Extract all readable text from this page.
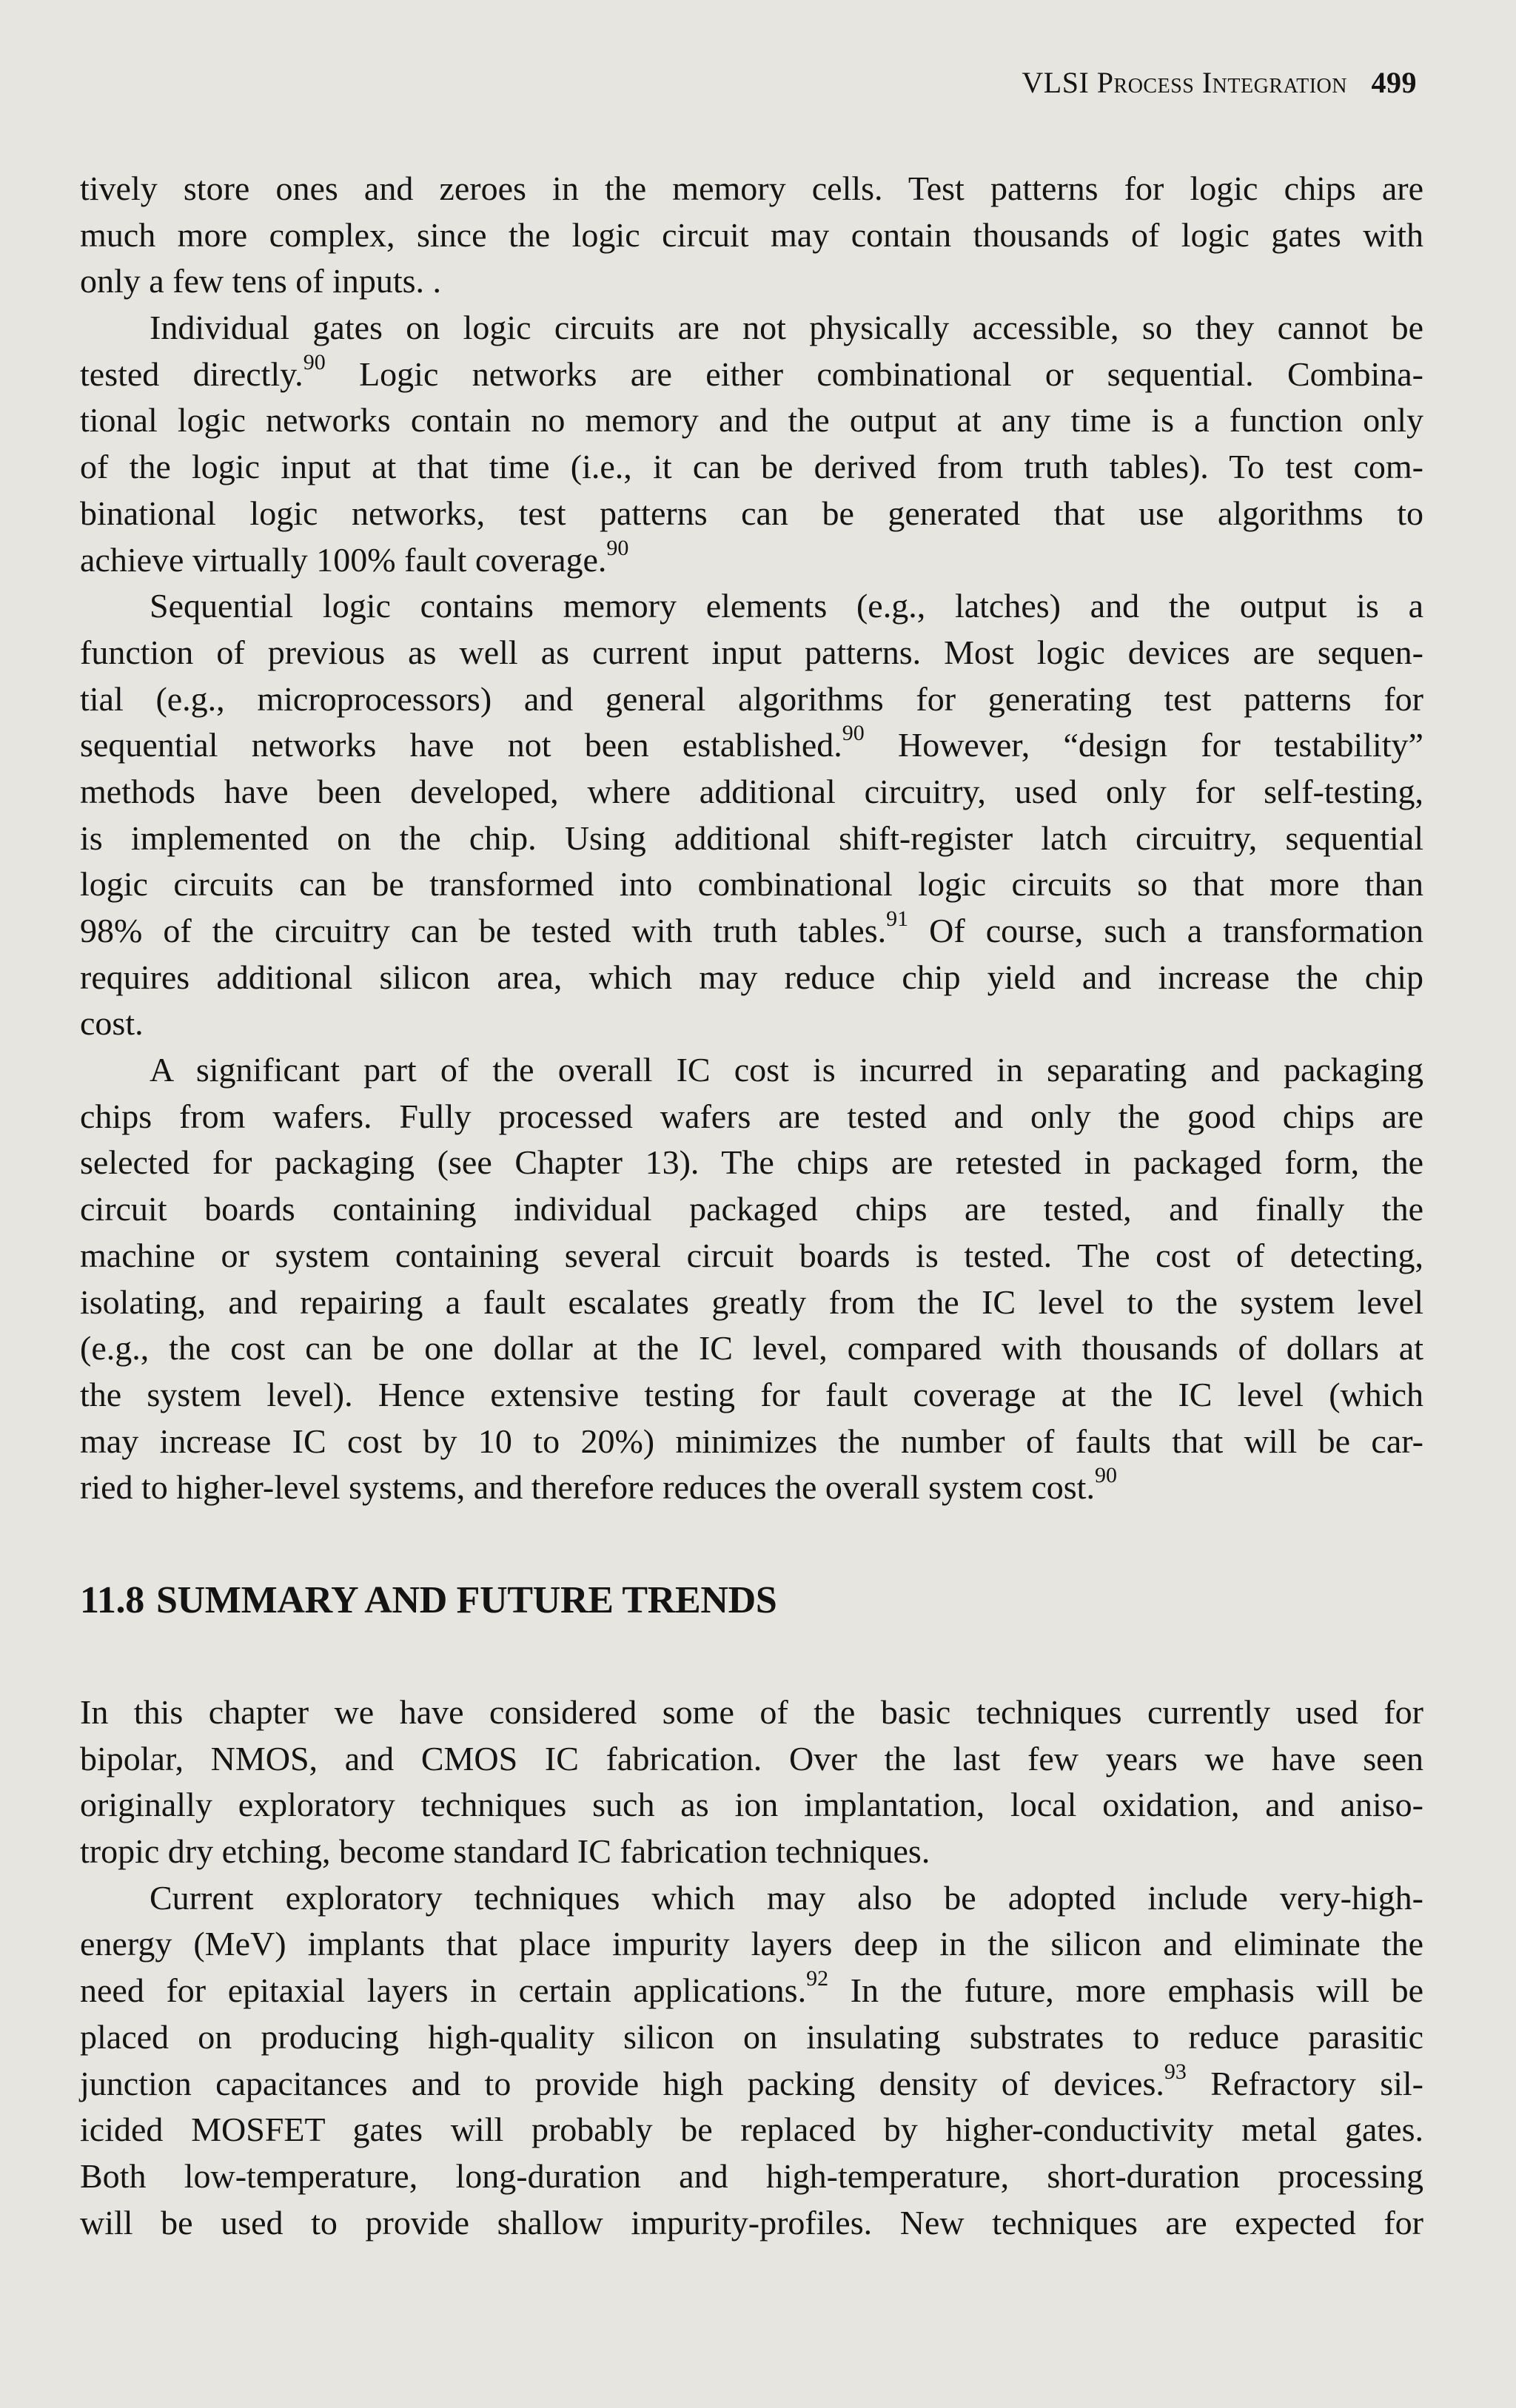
VLSI Process Integration 499
tively store ones and zeroes in the memory cells. Test patterns for logic chips are
much more complex, since the logic circuit may contain thousands of logic gates with
only a few tens of inputs. .
Individual gates on logic circuits are not physically accessible, so they cannot be
tested directly.$^{90}$ Logic networks are either combinational or sequential. Combina-
tional logic networks contain no memory and the output at any time is a function only
of the logic input at that time (i.e., it can be derived from truth tables). To test com-
binational logic networks, test patterns can be generated that use algorithms to
achieve virtually 100% fault coverage.$^{90}$
Sequential logic contains memory elements (e.g., latches) and the output is a
function of previous as well as current input patterns. Most logic devices are sequen-
tial (e.g., microprocessors) and general algorithms for generating test patterns for
sequential networks have not been established.$^{90}$ However, “design for testability”
methods have been developed, where additional circuitry, used only for self-testing,
is implemented on the chip. Using additional shift-register latch circuitry, sequential
logic circuits can be transformed into combinational logic circuits so that more than
98% of the circuitry can be tested with truth tables.$^{91}$ Of course, such a transformation
requires additional silicon area, which may reduce chip yield and increase the chip
cost.
A significant part of the overall IC cost is incurred in separating and packaging
chips from wafers. Fully processed wafers are tested and only the good chips are
selected for packaging (see Chapter 13). The chips are retested in packaged form, the
circuit boards containing individual packaged chips are tested, and finally the
machine or system containing several circuit boards is tested. The cost of detecting,
isolating, and repairing a fault escalates greatly from the IC level to the system level
(e.g., the cost can be one dollar at the IC level, compared with thousands of dollars at
the system level). Hence extensive testing for fault coverage at the IC level (which
may increase IC cost by 10 to 20%) minimizes the number of faults that will be car-
ried to higher-level systems, and therefore reduces the overall system cost.$^{90}$
11.8 SUMMARY AND FUTURE TRENDS
In this chapter we have considered some of the basic techniques currently used for
bipolar, NMOS, and CMOS IC fabrication. Over the last few years we have seen
originally exploratory techniques such as ion implantation, local oxidation, and aniso-
tropic dry etching, become standard IC fabrication techniques.
Current exploratory techniques which may also be adopted include very-high-
energy (MeV) implants that place impurity layers deep in the silicon and eliminate the
need for epitaxial layers in certain applications.$^{92}$ In the future, more emphasis will be
placed on producing high-quality silicon on insulating substrates to reduce parasitic
junction capacitances and to provide high packing density of devices.$^{93}$ Refractory sil-
icided MOSFET gates will probably be replaced by higher-conductivity metal gates.
Both low-temperature, long-duration and high-temperature, short-duration processing
will be used to provide shallow impurity-profiles. New techniques are expected for
